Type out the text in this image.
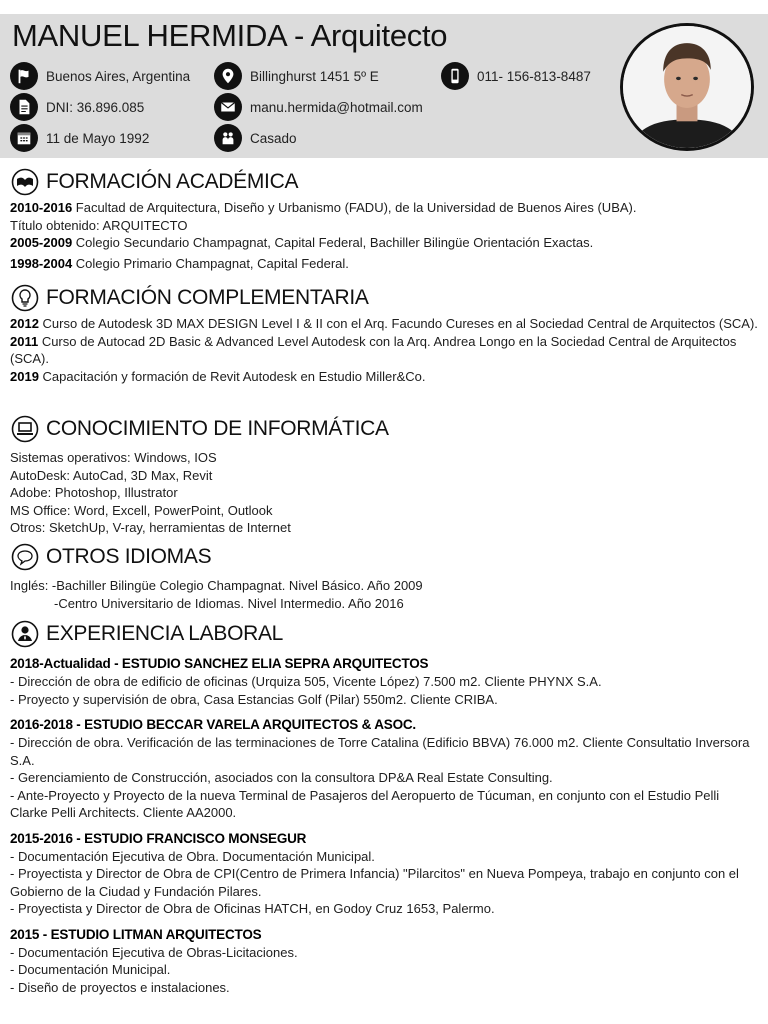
MANUEL HERMIDA - Arquitecto
Buenos Aires, Argentina	Billinghurst 1451 5º E	011- 156-813-8487
DNI: 36.896.085	manu.hermida@hotmail.com
11 de Mayo 1992	Casado
FORMACIÓN ACADÉMICA
2010-2016 Facultad de Arquitectura, Diseño y Urbanismo (FADU), de la Universidad de Buenos Aires (UBA).
Título obtenido: ARQUITECTO
2005-2009 Colegio Secundario Champagnat, Capital Federal, Bachiller Bilingüe Orientación Exactas.
1998-2004 Colegio Primario Champagnat, Capital Federal.
FORMACIÓN COMPLEMENTARIA
2012 Curso de Autodesk 3D MAX DESIGN Level I & II con el Arq. Facundo Cureses en al Sociedad Central de Arquitectos (SCA).
2011 Curso de Autocad 2D Basic & Advanced Level Autodesk con la Arq. Andrea Longo en la Sociedad Central de Arquitectos (SCA).
2019 Capacitación y formación de Revit Autodesk en Estudio Miller&Co.
CONOCIMIENTO DE INFORMÁTICA
Sistemas operativos: Windows, IOS
AutoDesk: AutoCad, 3D Max, Revit
Adobe: Photoshop, Illustrator
MS Office: Word, Excell, PowerPoint, Outlook
Otros: SketchUp, V-ray, herramientas de Internet
OTROS IDIOMAS
Inglés: -Bachiller Bilingüe Colegio Champagnat. Nivel Básico. Año 2009
-Centro Universitario de Idiomas. Nivel Intermedio. Año 2016
EXPERIENCIA LABORAL
2018-Actualidad - ESTUDIO SANCHEZ ELIA SEPRA ARQUITECTOS
- Dirección de obra de edificio de oficinas (Urquiza 505, Vicente López) 7.500 m2. Cliente PHYNX S.A.
- Proyecto y supervisión de obra, Casa Estancias Golf (Pilar) 550m2. Cliente CRIBA.
2016-2018 - ESTUDIO BECCAR VARELA ARQUITECTOS & ASOC.
- Dirección de obra. Verificación de las terminaciones de Torre Catalina (Edificio BBVA) 76.000 m2. Cliente Consultatio Inversora S.A.
- Gerenciamiento de Construcción, asociados con la consultora DP&A Real Estate Consulting.
- Ante-Proyecto y Proyecto de la nueva Terminal de Pasajeros del Aeropuerto de Túcuman, en conjunto con el Estudio Pelli Clarke Pelli Architects. Cliente AA2000.
2015-2016 - ESTUDIO FRANCISCO MONSEGUR
- Documentación Ejecutiva de Obra. Documentación Municipal.
- Proyectista y Director de Obra de CPI(Centro de Primera Infancia) "Pilarcitos" en Nueva Pompeya, trabajo en conjunto con el Gobierno de la Ciudad y Fundación Pilares.
- Proyectista y Director de Obra de Oficinas HATCH, en Godoy Cruz 1653, Palermo.
2015 - ESTUDIO LITMAN ARQUITECTOS
- Documentación Ejecutiva de Obras-Licitaciones.
- Documentación Municipal.
- Diseño de proyectos e instalaciones.
